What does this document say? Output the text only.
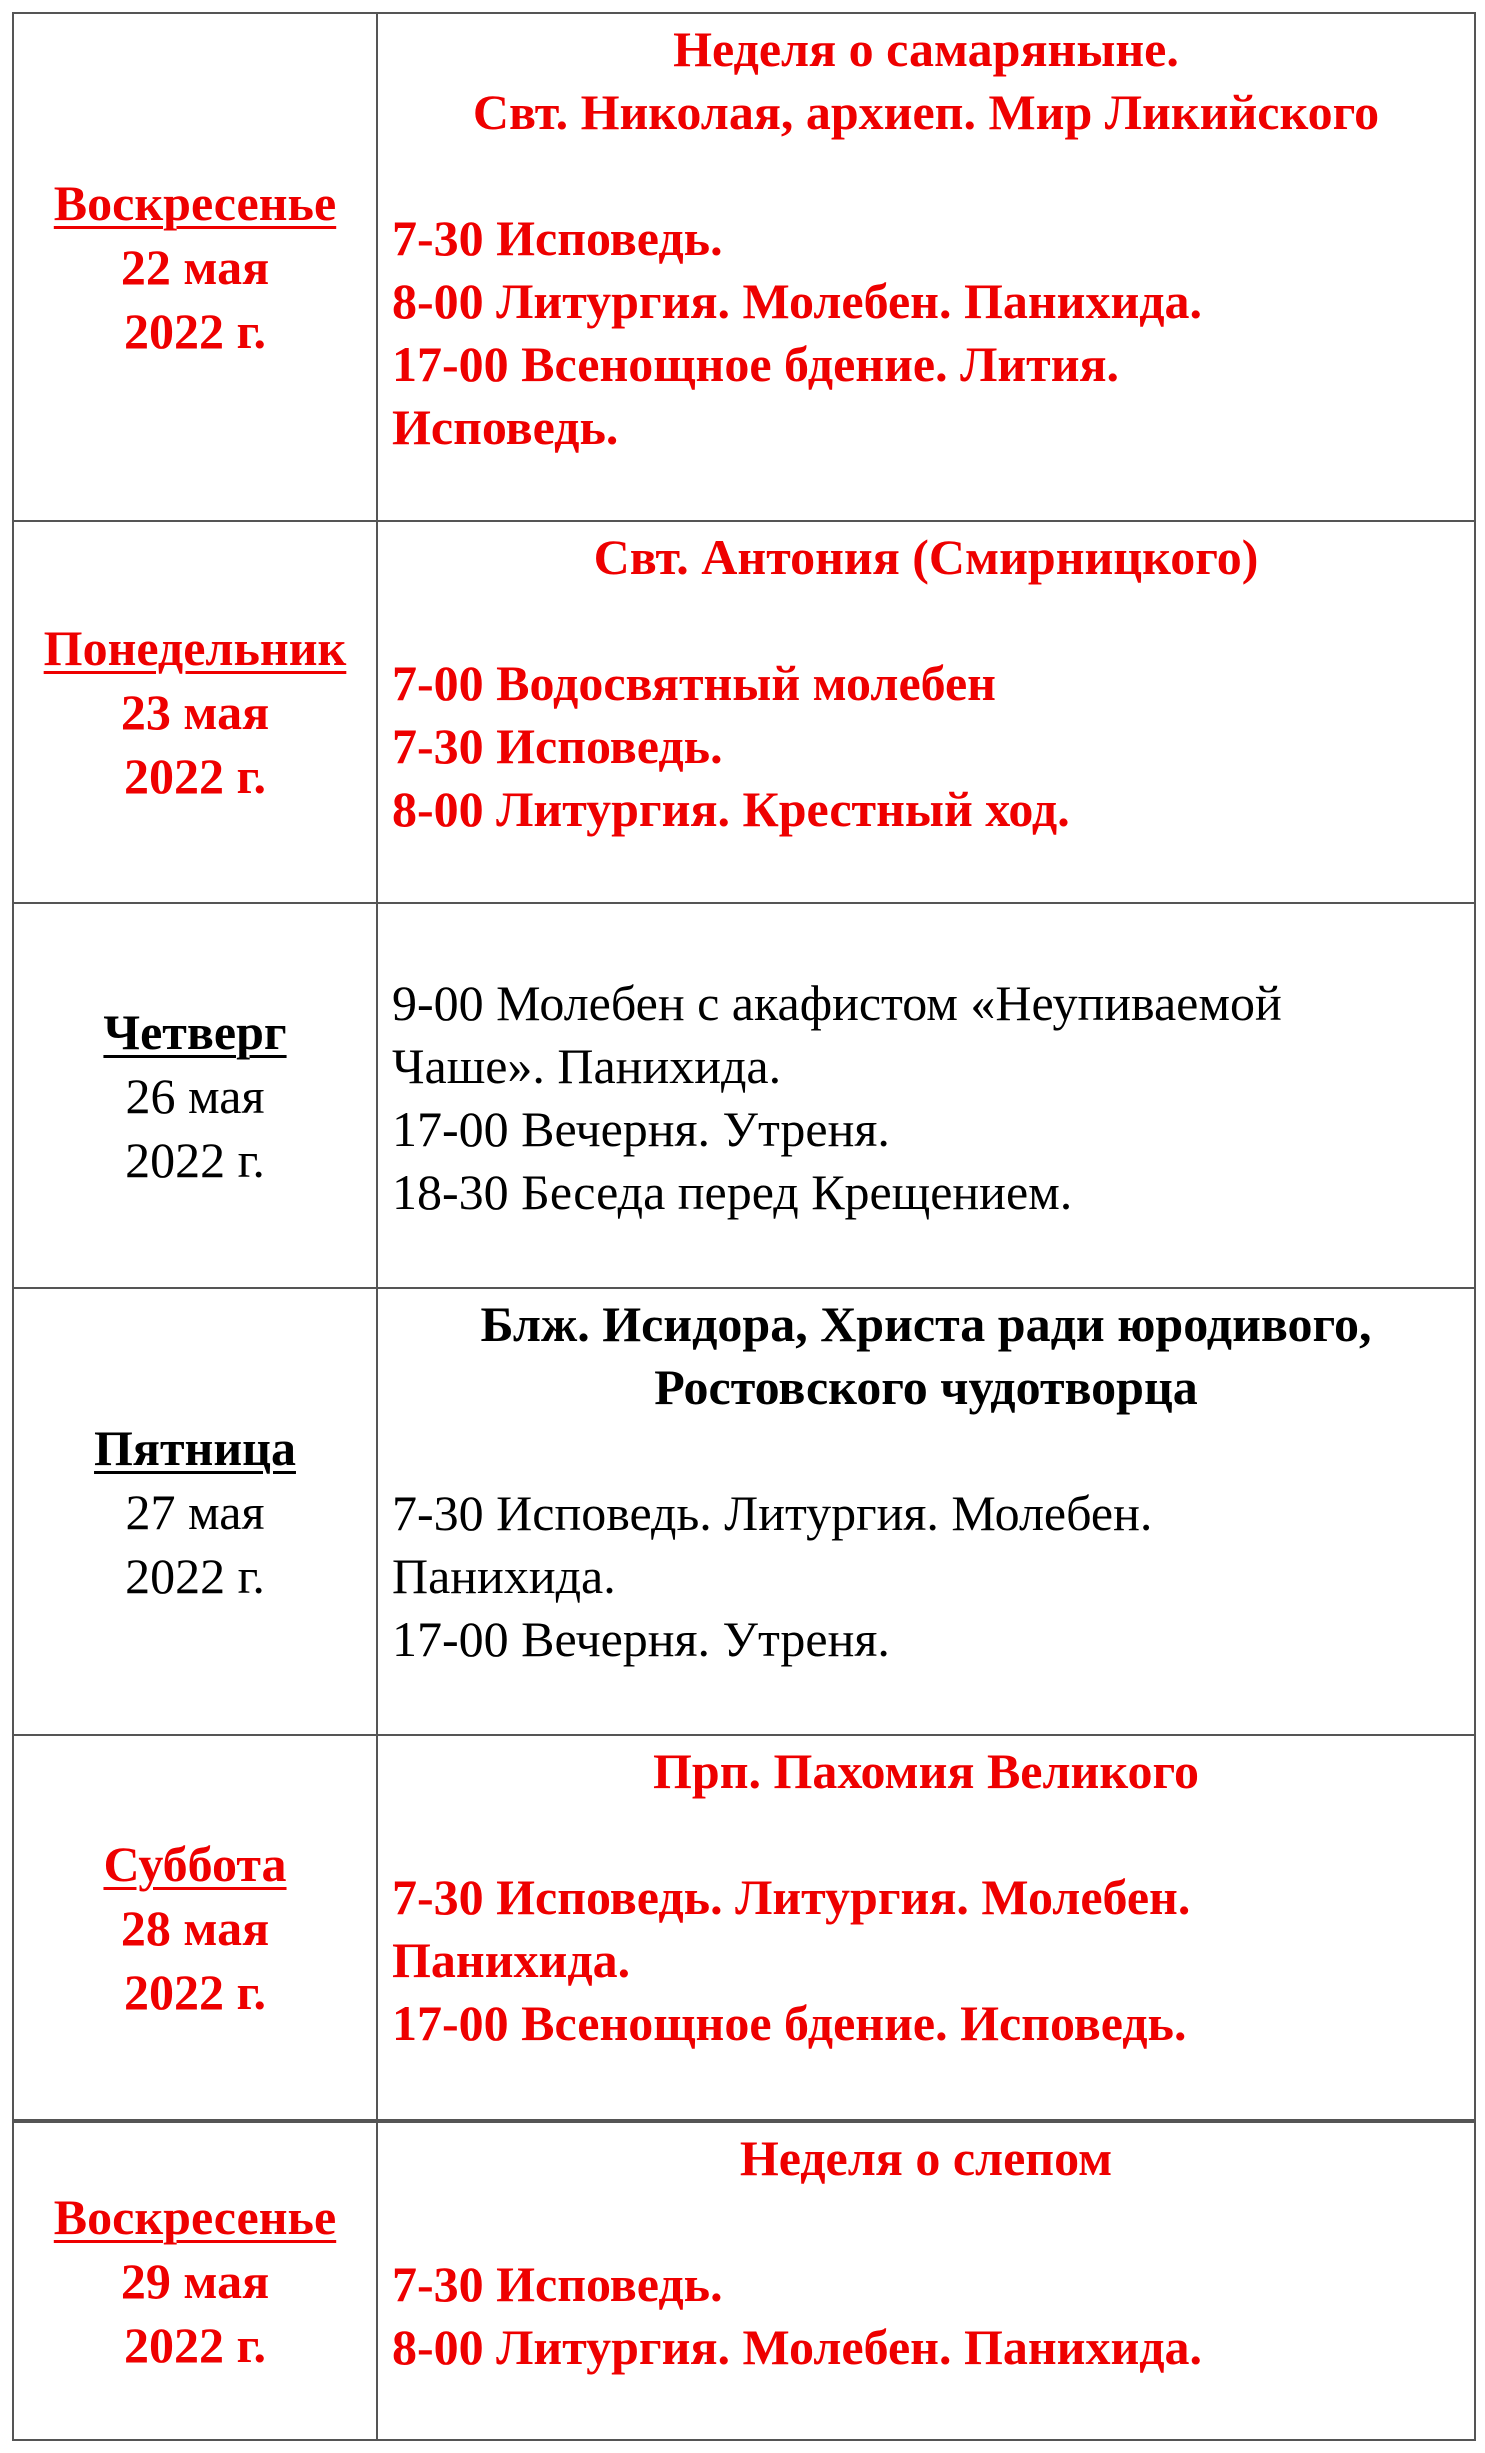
Воскресенье
22 мая
2022 г.
Неделя о самаряныне.
Свт. Николая, архиеп. Мир Ликийского
7-30 Исповедь.
8-00 Литургия. Молебен. Панихида.
17-00 Всенощное бдение. Лития.
Исповедь.
Понедельник
23 мая
2022 г.
Свт. Антония (Смирницкого)
7-00 Водосвятный молебен
7-30 Исповедь.
8-00 Литургия. Крестный ход.
Четверг
26 мая
2022 г.
9-00 Молебен с акафистом «Неупиваемой
Чаше». Панихида.
17-00 Вечерня. Утреня.
18-30 Беседа перед Крещением.
Пятница
27 мая
2022 г.
Блж. Исидора, Христа ради юродивого,
Ростовского чудотворца
7-30 Исповедь. Литургия. Молебен.
Панихида.
17-00 Вечерня. Утреня.
Суббота
28 мая
2022 г.
Прп. Пахомия Великого
7-30 Исповедь. Литургия. Молебен.
Панихида.
17-00 Всенощное бдение. Исповедь.
Воскресенье
29 мая
2022 г.
Неделя о слепом
7-30 Исповедь.
8-00 Литургия. Молебен. Панихида.
